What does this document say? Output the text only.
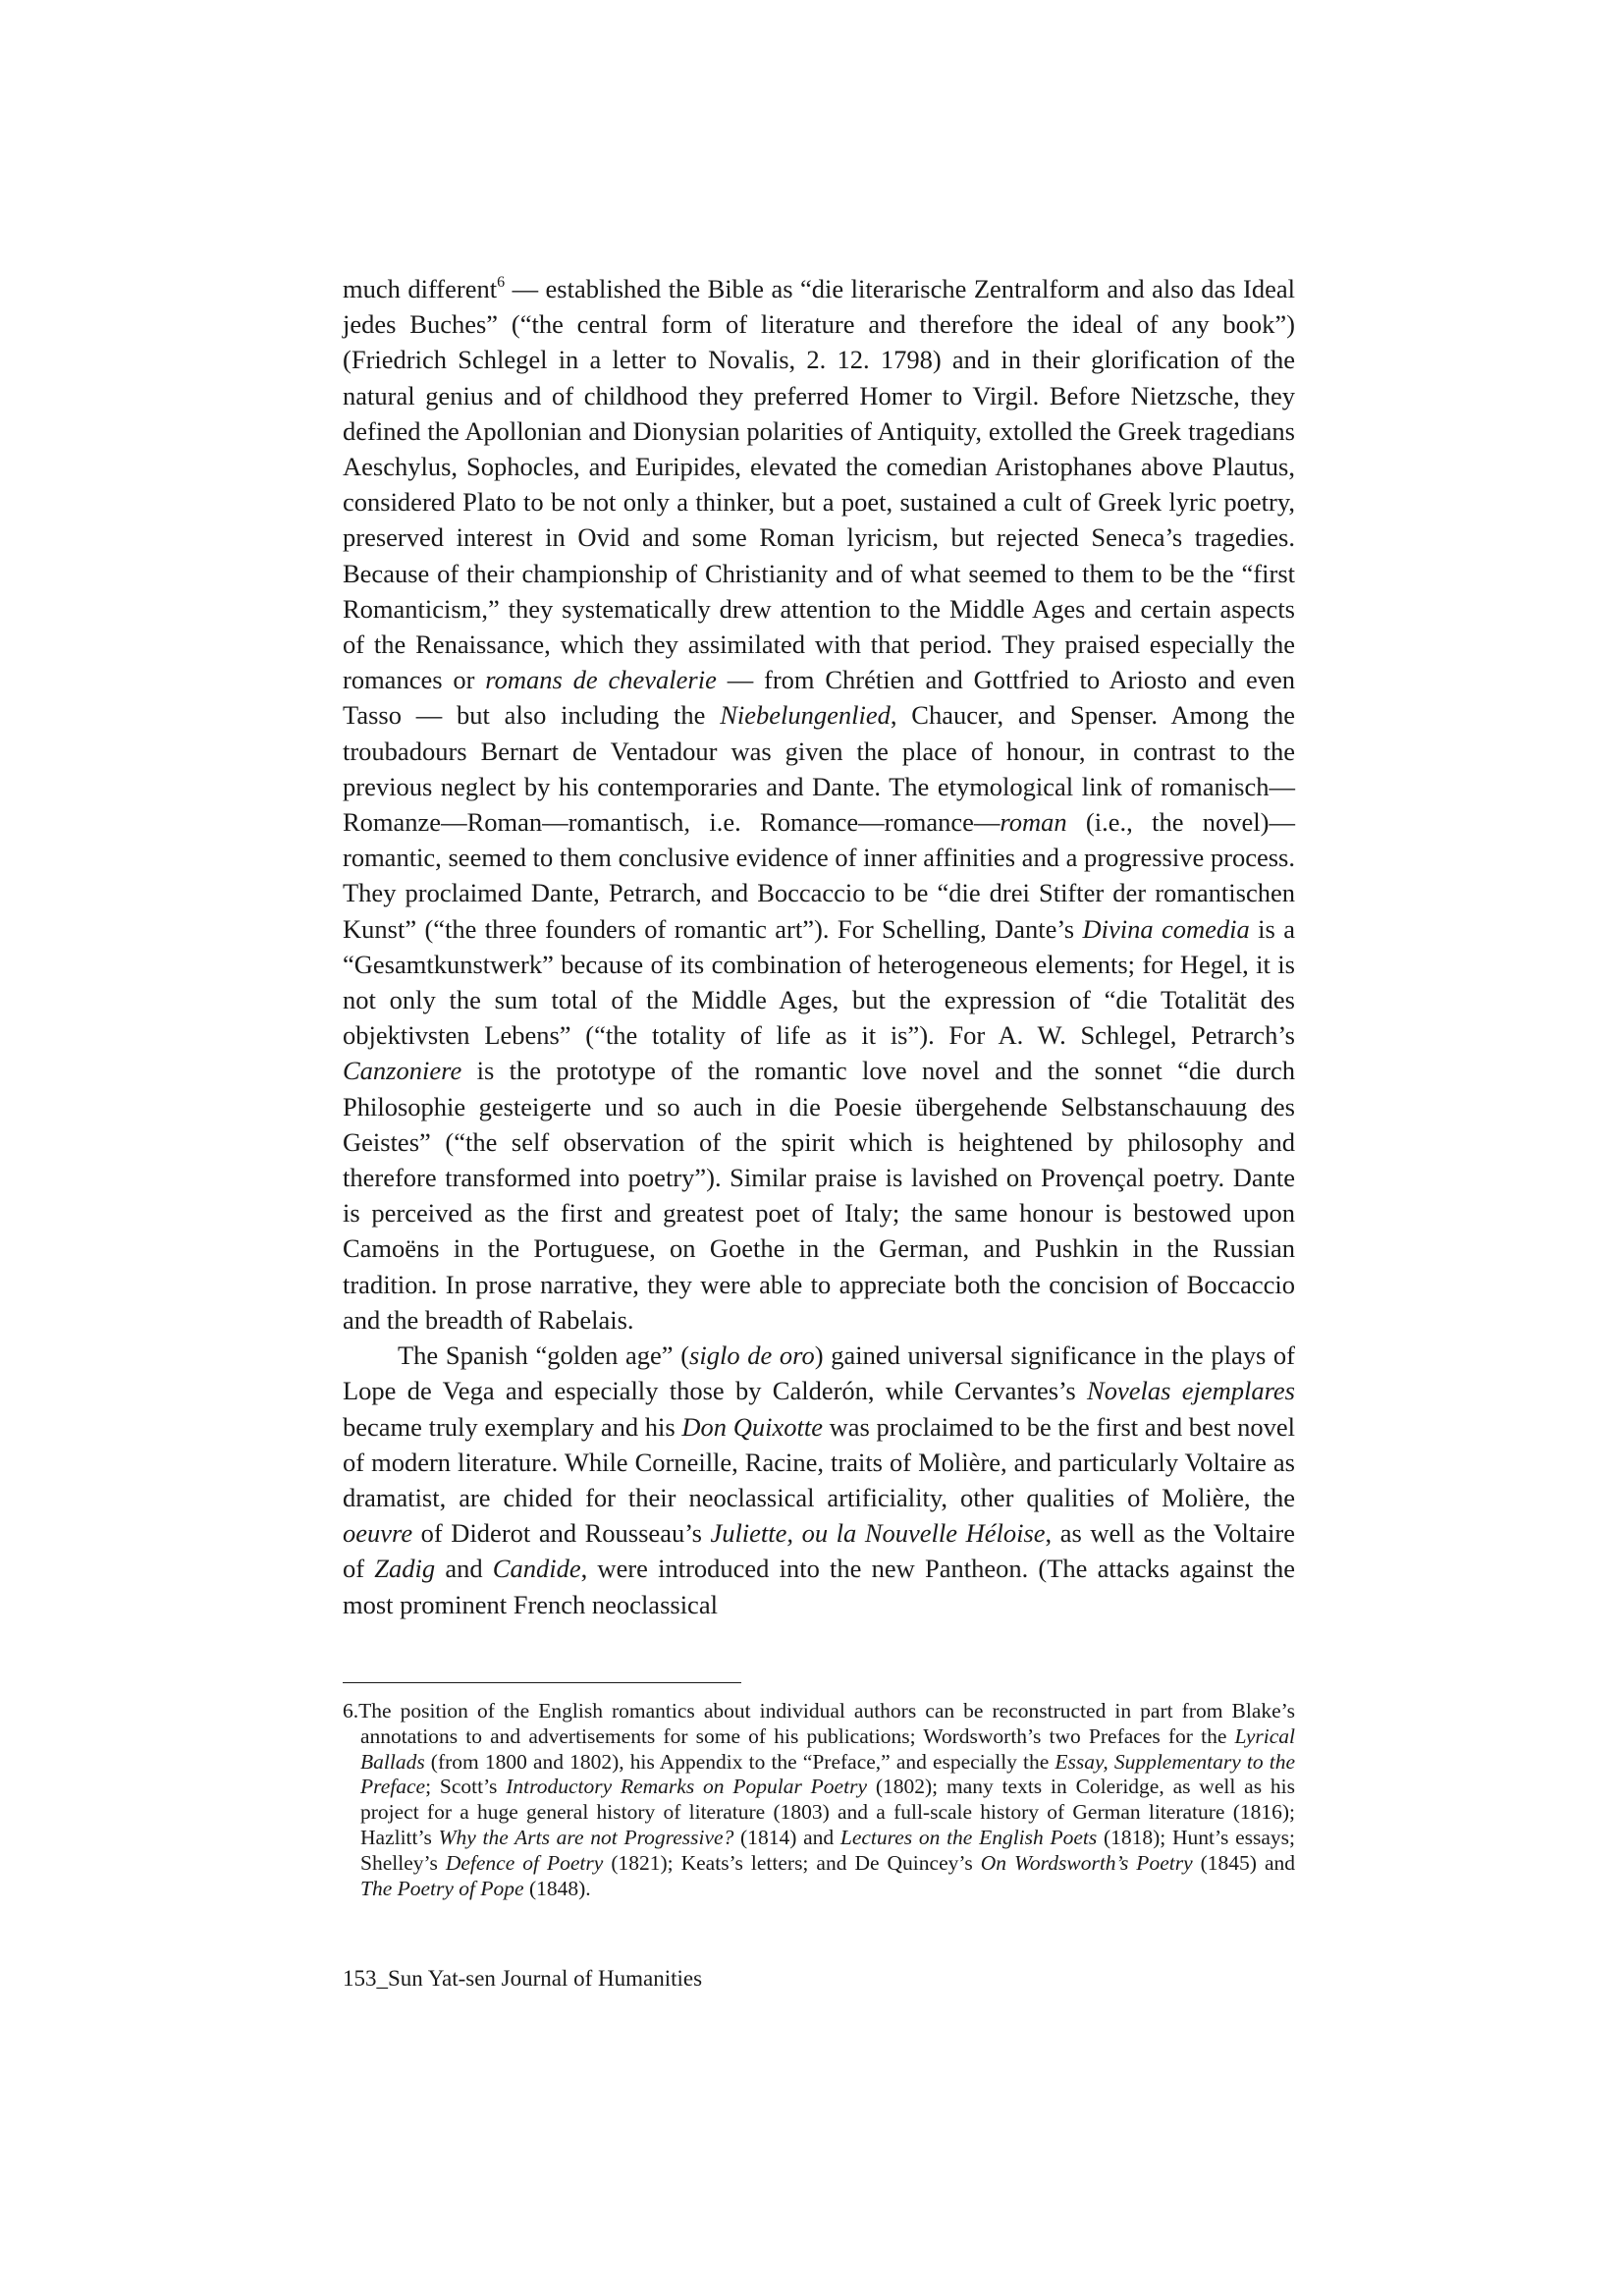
much different$^6$ — established the Bible as “die literarische Zentralform and also das Ideal jedes Buches” (“the central form of literature and therefore the ideal of any book”) (Friedrich Schlegel in a letter to Novalis, 2. 12. 1798) and in their glorification of the natural genius and of childhood they preferred Homer to Virgil. Before Nietzsche, they defined the Apollonian and Dionysian polarities of Antiquity, extolled the Greek tragedians Aeschylus, Sophocles, and Euripides, elevated the comedian Aristophanes above Plautus, considered Plato to be not only a thinker, but a poet, sustained a cult of Greek lyric poetry, preserved interest in Ovid and some Roman lyricism, but rejected Seneca’s tragedies. Because of their championship of Christianity and of what seemed to them to be the “first Romanticism,” they systematically drew attention to the Middle Ages and certain aspects of the Renaissance, which they assimilated with that period. They praised especially the romances or romans de chevalerie — from Chrétien and Gottfried to Ariosto and even Tasso — but also including the Niebelungenlied, Chaucer, and Spenser. Among the troubadours Bernart de Ventadour was given the place of honour, in contrast to the previous neglect by his contemporaries and Dante. The etymological link of romanisch—Romanze—Roman—romantisch, i.e. Romance—romance—roman (i.e., the novel)—romantic, seemed to them conclusive evidence of inner affinities and a progressive process. They proclaimed Dante, Petrarch, and Boccaccio to be “die drei Stifter der romantischen Kunst” (“the three founders of romantic art”). For Schelling, Dante’s Divina comedia is a “Gesamtkunstwerk” because of its combination of heterogeneous elements; for Hegel, it is not only the sum total of the Middle Ages, but the expression of “die Totalität des objektivsten Lebens” (“the totality of life as it is”). For A. W. Schlegel, Petrarch’s Canzoniere is the prototype of the romantic love novel and the sonnet “die durch Philosophie gesteigerte und so auch in die Poesie übergehende Selbstanschauung des Geistes” (“the self observation of the spirit which is heightened by philosophy and therefore transformed into poetry”). Similar praise is lavished on Provençal poetry. Dante is perceived as the first and greatest poet of Italy; the same honour is bestowed upon Camoëns in the Portuguese, on Goethe in the German, and Pushkin in the Russian tradition. In prose narrative, they were able to appreciate both the concision of Boccaccio and the breadth of Rabelais.

The Spanish “golden age” (siglo de oro) gained universal significance in the plays of Lope de Vega and especially those by Calderón, while Cervantes’s Novelas ejemplares became truly exemplary and his Don Quixotte was proclaimed to be the first and best novel of modern literature. While Corneille, Racine, traits of Molière, and particularly Voltaire as dramatist, are chided for their neoclassical artificiality, other qualities of Molière, the oeuvre of Diderot and Rousseau’s Juliette, ou la Nouvelle Héloise, as well as the Voltaire of Zadig and Candide, were introduced into the new Pantheon. (The attacks against the most prominent French neoclassical

6.The position of the English romantics about individual authors can be reconstructed in part from Blake’s annotations to and advertisements for some of his publications; Wordsworth’s two Prefaces for the Lyrical Ballads (from 1800 and 1802), his Appendix to the “Preface,” and especially the Essay, Supplementary to the Preface; Scott’s Introductory Remarks on Popular Poetry (1802); many texts in Coleridge, as well as his project for a huge general history of literature (1803) and a full-scale history of German literature (1816); Hazlitt’s Why the Arts are not Progressive? (1814) and Lectures on the English Poets (1818); Hunt’s essays; Shelley’s Defence of Poetry (1821); Keats’s letters; and De Quincey’s On Wordsworth’s Poetry (1845) and The Poetry of Pope (1848).

153_Sun Yat-sen Journal of Humanities
